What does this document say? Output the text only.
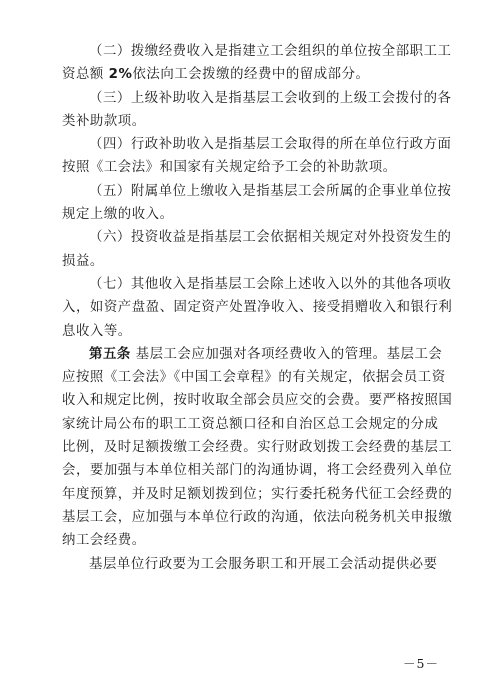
（二）拨缴经费收入是指建立工会组织的单位按全部职工工
资总额 2%依法向工会拨缴的经费中的留成部分。
（三）上级补助收入是指基层工会收到的上级工会拨付的各
类补助款项。
（四）行政补助收入是指基层工会取得的所在单位行政方面
按照《工会法》和国家有关规定给予工会的补助款项。
（五）附属单位上缴收入是指基层工会所属的企事业单位按
规定上缴的收入。
（六）投资收益是指基层工会依据相关规定对外投资发生的
损益。
（七）其他收入是指基层工会除上述收入以外的其他各项收
入，如资产盘盈、固定资产处置净收入、接受捐赠收入和银行利
息收入等。
第五条 基层工会应加强对各项经费收入的管理。基层工会
应按照《工会法》《中国工会章程》的有关规定，依据会员工资
收入和规定比例，按时收取全部会员应交的会费。要严格按照国
家统计局公布的职工工资总额口径和自治区总工会规定的分成
比例，及时足额拨缴工会经费。实行财政划拨工会经费的基层工
会，要加强与本单位相关部门的沟通协调，将工会经费列入单位
年度预算，并及时足额划拨到位；实行委托税务代征工会经费的
基层工会，应加强与本单位行政的沟通，依法向税务机关申报缴
纳工会经费。
基层单位行政要为工会服务职工和开展工会活动提供必要
－5－
